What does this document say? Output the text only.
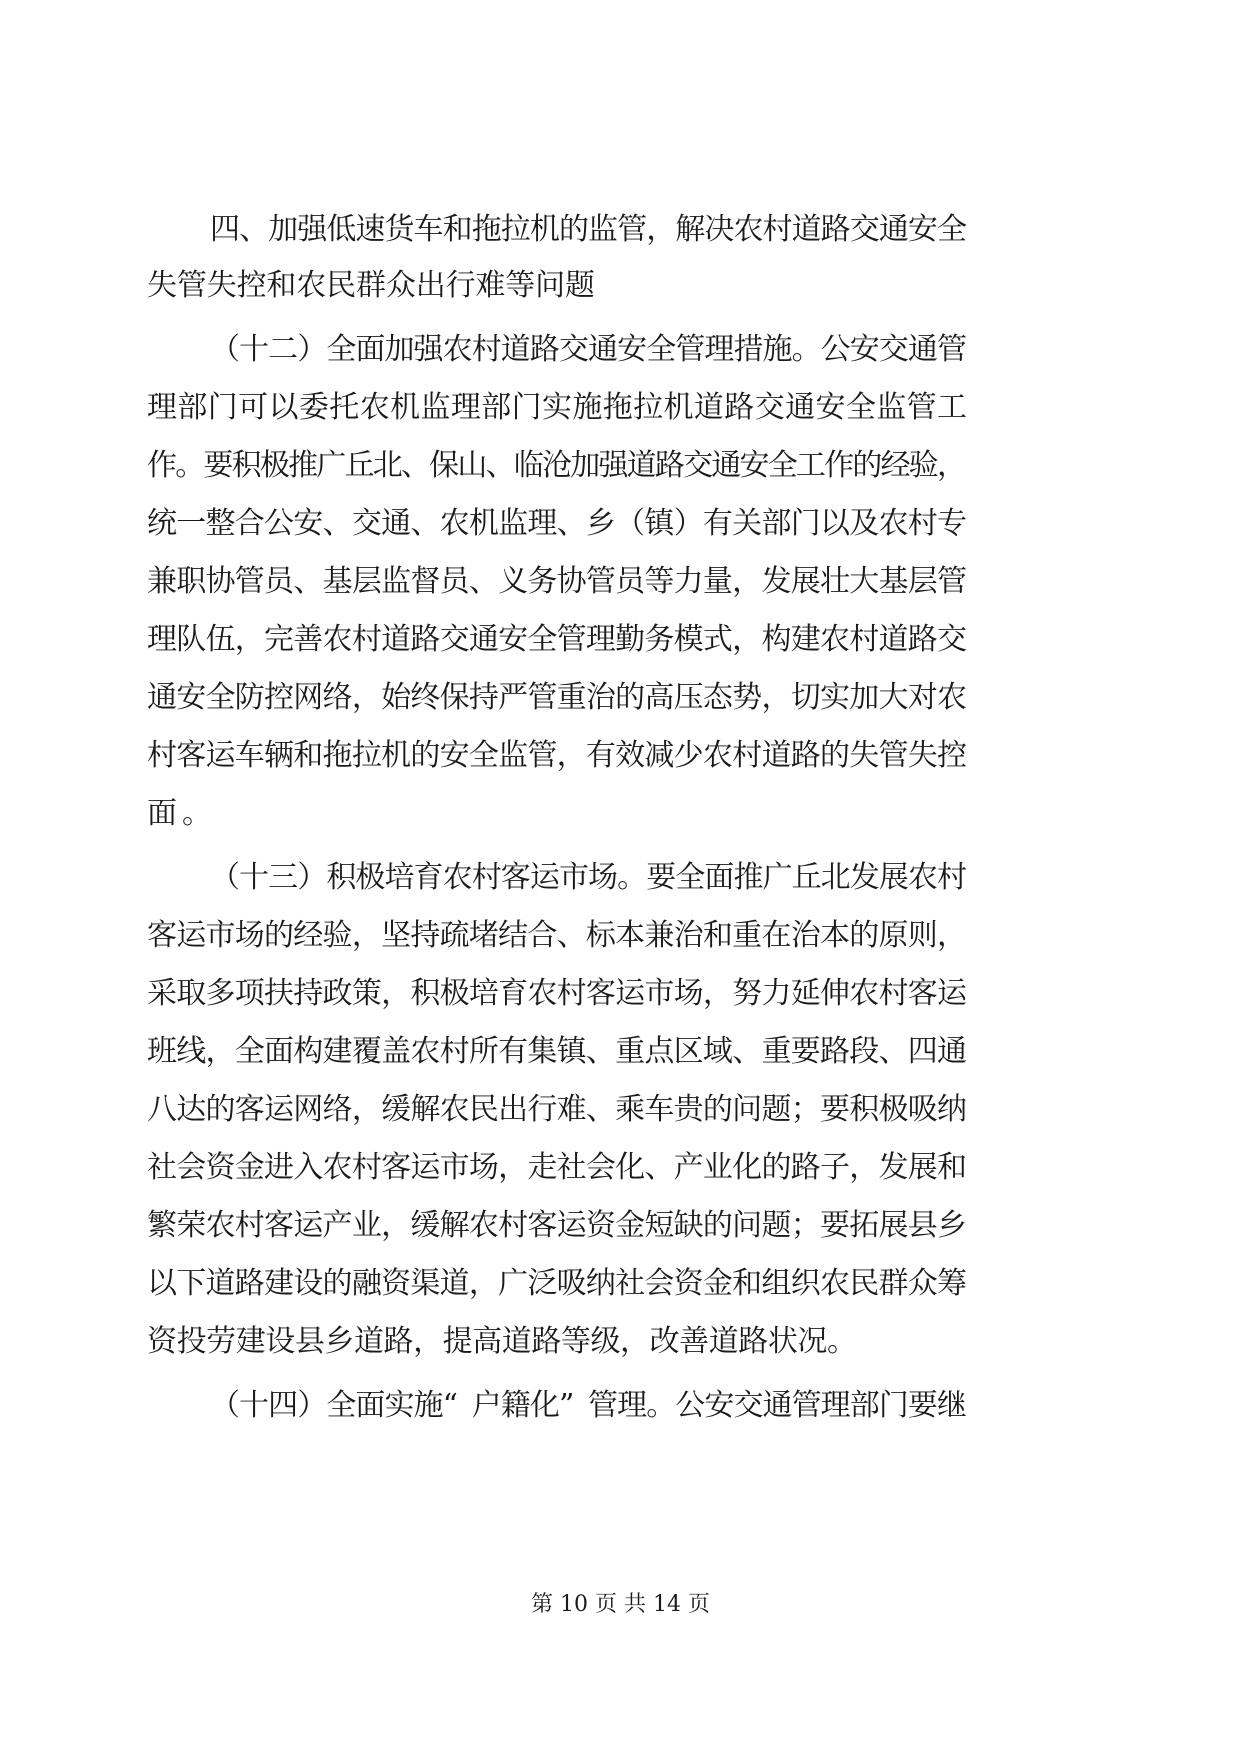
四 、 加 强 低 速 货 车 和 拖 拉 机 的 监 管 ， 解 决 农 村 道 路 交 通 安 全

失 管 失 控 和 农 民 群 众 出 行 难 等 问 题

（ 十 二 ） 全 面 加 强 农 村 道 路 交 通 安 全 管 理 措 施 。 公 安 交 通 管

理 部 门 可 以 委 托 农 机 监 理 部 门 实 施 拖 拉 机 道 路 交 通 安 全 监 管 工

作
。
要
积
极
推
广
丘
北
、
保
山
、
临
沧
加
强
道
路
交
通
安
全
工
作
的
经
验
，

统 一 整 合 公 安 、 交 通 、 农 机 监 理 、 乡 （ 镇 ） 有 关 部 门 以 及 农 村 专

兼 职 协 管 员 、 基 层 监 督 员 、 义 务 协 管 员 等 力 量 ， 发 展 壮 大 基 层 管

理 队 伍 ， 完 善 农 村 道 路 交 通 安 全 管 理 勤 务 模 式 ， 构 建 农 村 道 路 交

通 安 全 防 控 网 络 ， 始 终 保 持 严 管 重 治 的 高 压 态 势 ， 切 实 加 大 对 农

村 客 运 车 辆 和 拖 拉 机 的 安 全 监 管 ， 有 效 减 少 农 村 道 路 的 失 管 失 控

面 。

（ 十 三 ） 积 极 培 育 农 村 客 运 市 场 。 要 全 面 推 广 丘 北 发 展 农 村

客 运 市 场 的 经 验 ， 坚 持 疏 堵 结 合 、 标 本 兼 治 和 重 在 治 本 的 原 则 ，

采 取 多 项 扶 持 政 策 ， 积 极 培 育 农 村 客 运 市 场 ， 努 力 延 伸 农 村 客 运

班 线 ， 全 面 构 建 覆 盖 农 村 所 有 集 镇 、 重 点 区 域 、 重 要 路 段 、 四 通

八 达 的 客 运 网 络 ， 缓 解 农 民 出 行 难 、 乘 车 贵 的 问 题 ； 要 积 极 吸 纳

社 会 资 金 进 入 农 村 客 运 市 场 ， 走 社 会 化 、 产 业 化 的 路 子 ， 发 展 和

繁 荣 农 村 客 运 产 业 ， 缓 解 农 村 客 运 资 金 短 缺 的 问 题 ； 要 拓 展 县 乡

以 下 道 路 建 设 的 融 资 渠 道 ， 广 泛 吸 纳 社 会 资 金 和 组 织 农 民 群 众 筹

资 投 劳 建 设 县 乡 道 路 ， 提 高 道 路 等 级 ， 改 善 道 路 状 况 。

（ 十 四 ） 全 面 实 施 “ 户 籍 化 ” 管 理 。 公 安 交 通 管 理 部 门 要 继

第 10 页 共 14 页
